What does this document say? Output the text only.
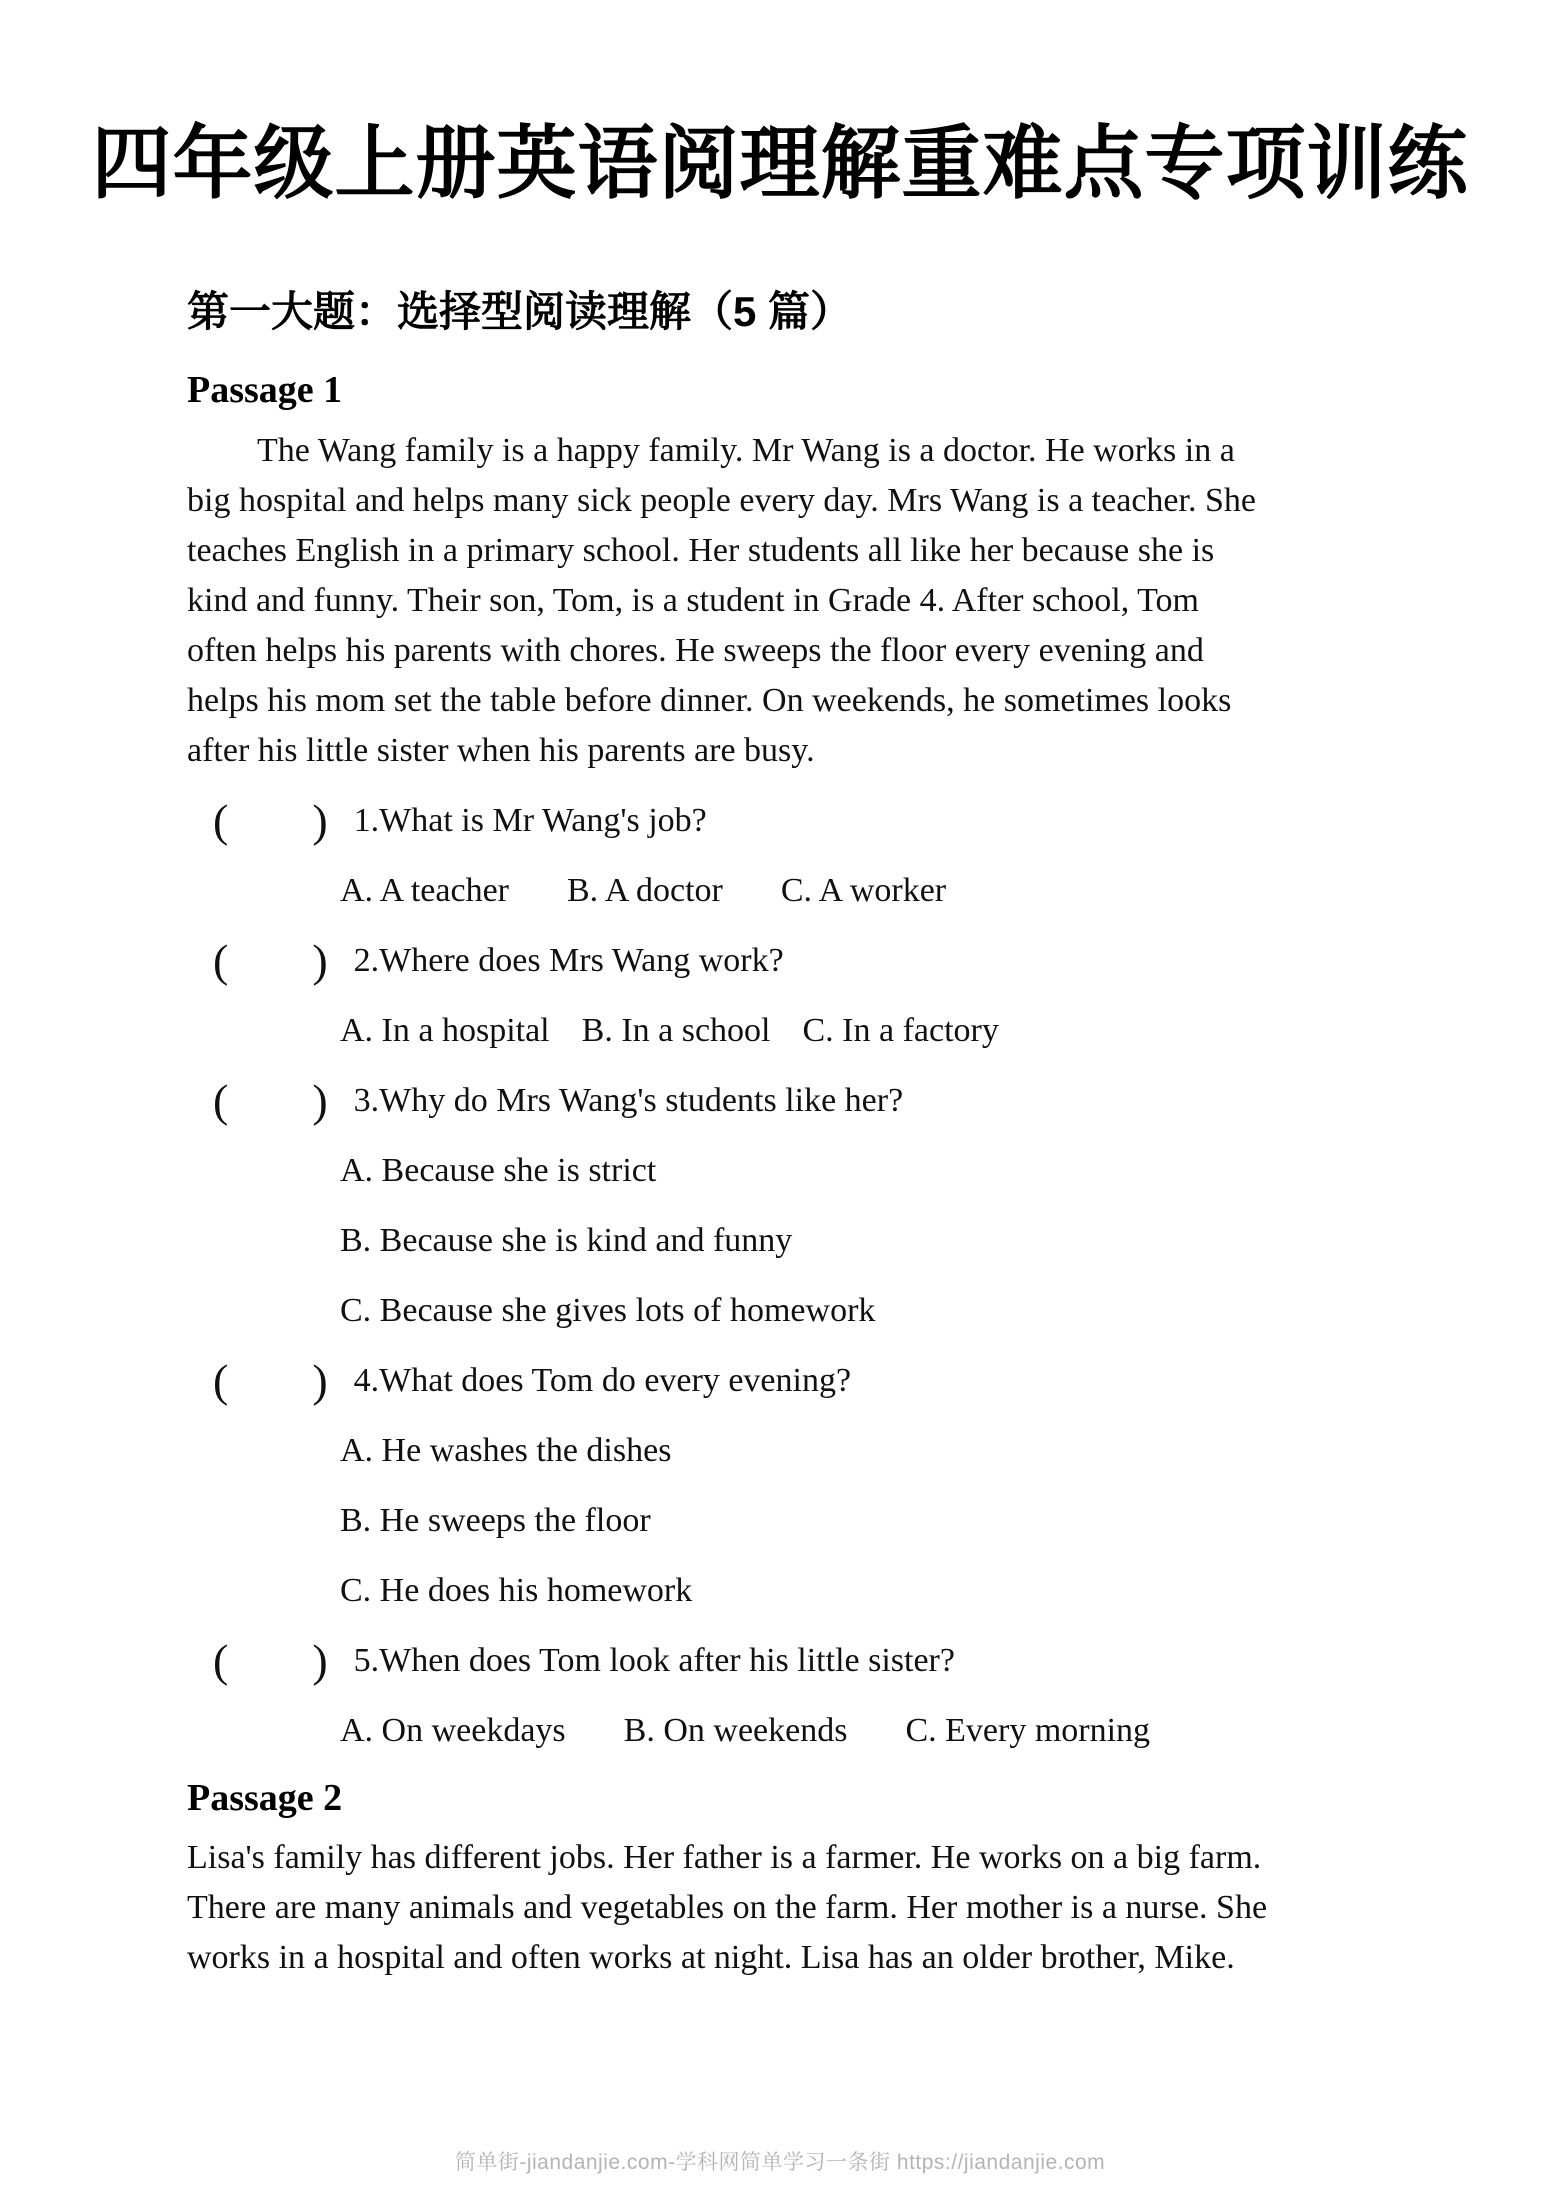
四年级上册英语阅理解重难点专项训练
第一大题：选择型阅读理解（5 篇）
Passage 1

The Wang family is a happy family. Mr Wang is a doctor. He works in a

big hospital and helps many sick people every day. Mrs Wang is a teacher. She

teaches English in a primary school. Her students all like her because she is

kind and funny. Their son, Tom, is a student in Grade 4. After school, Tom

often helps his parents with chores. He sweeps the floor every evening and

helps his mom set the table before dinner. On weekends, he sometimes looks

after his little sister when his parents are busy.

( ) 1.What is Mr Wang's job?
A. A teacher B. A doctor C. A worker
( ) 2.Where does Mrs Wang work?
A. In a hospital B. In a school C. In a factory
( ) 3.Why do Mrs Wang's students like her?
A. Because she is strict
B. Because she is kind and funny
C. Because she gives lots of homework
( ) 4.What does Tom do every evening?
A. He washes the dishes
B. He sweeps the floor
C. He does his homework
( ) 5.When does Tom look after his little sister?
A. On weekdays B. On weekends C. Every morning
Passage 2

Lisa's family has different jobs. Her father is a farmer. He works on a big farm.

There are many animals and vegetables on the farm. Her mother is a nurse. She

works in a hospital and often works at night. Lisa has an older brother, Mike.

简单街-jiandanjie.com-学科网简单学习一条街 https://jiandanjie.com
